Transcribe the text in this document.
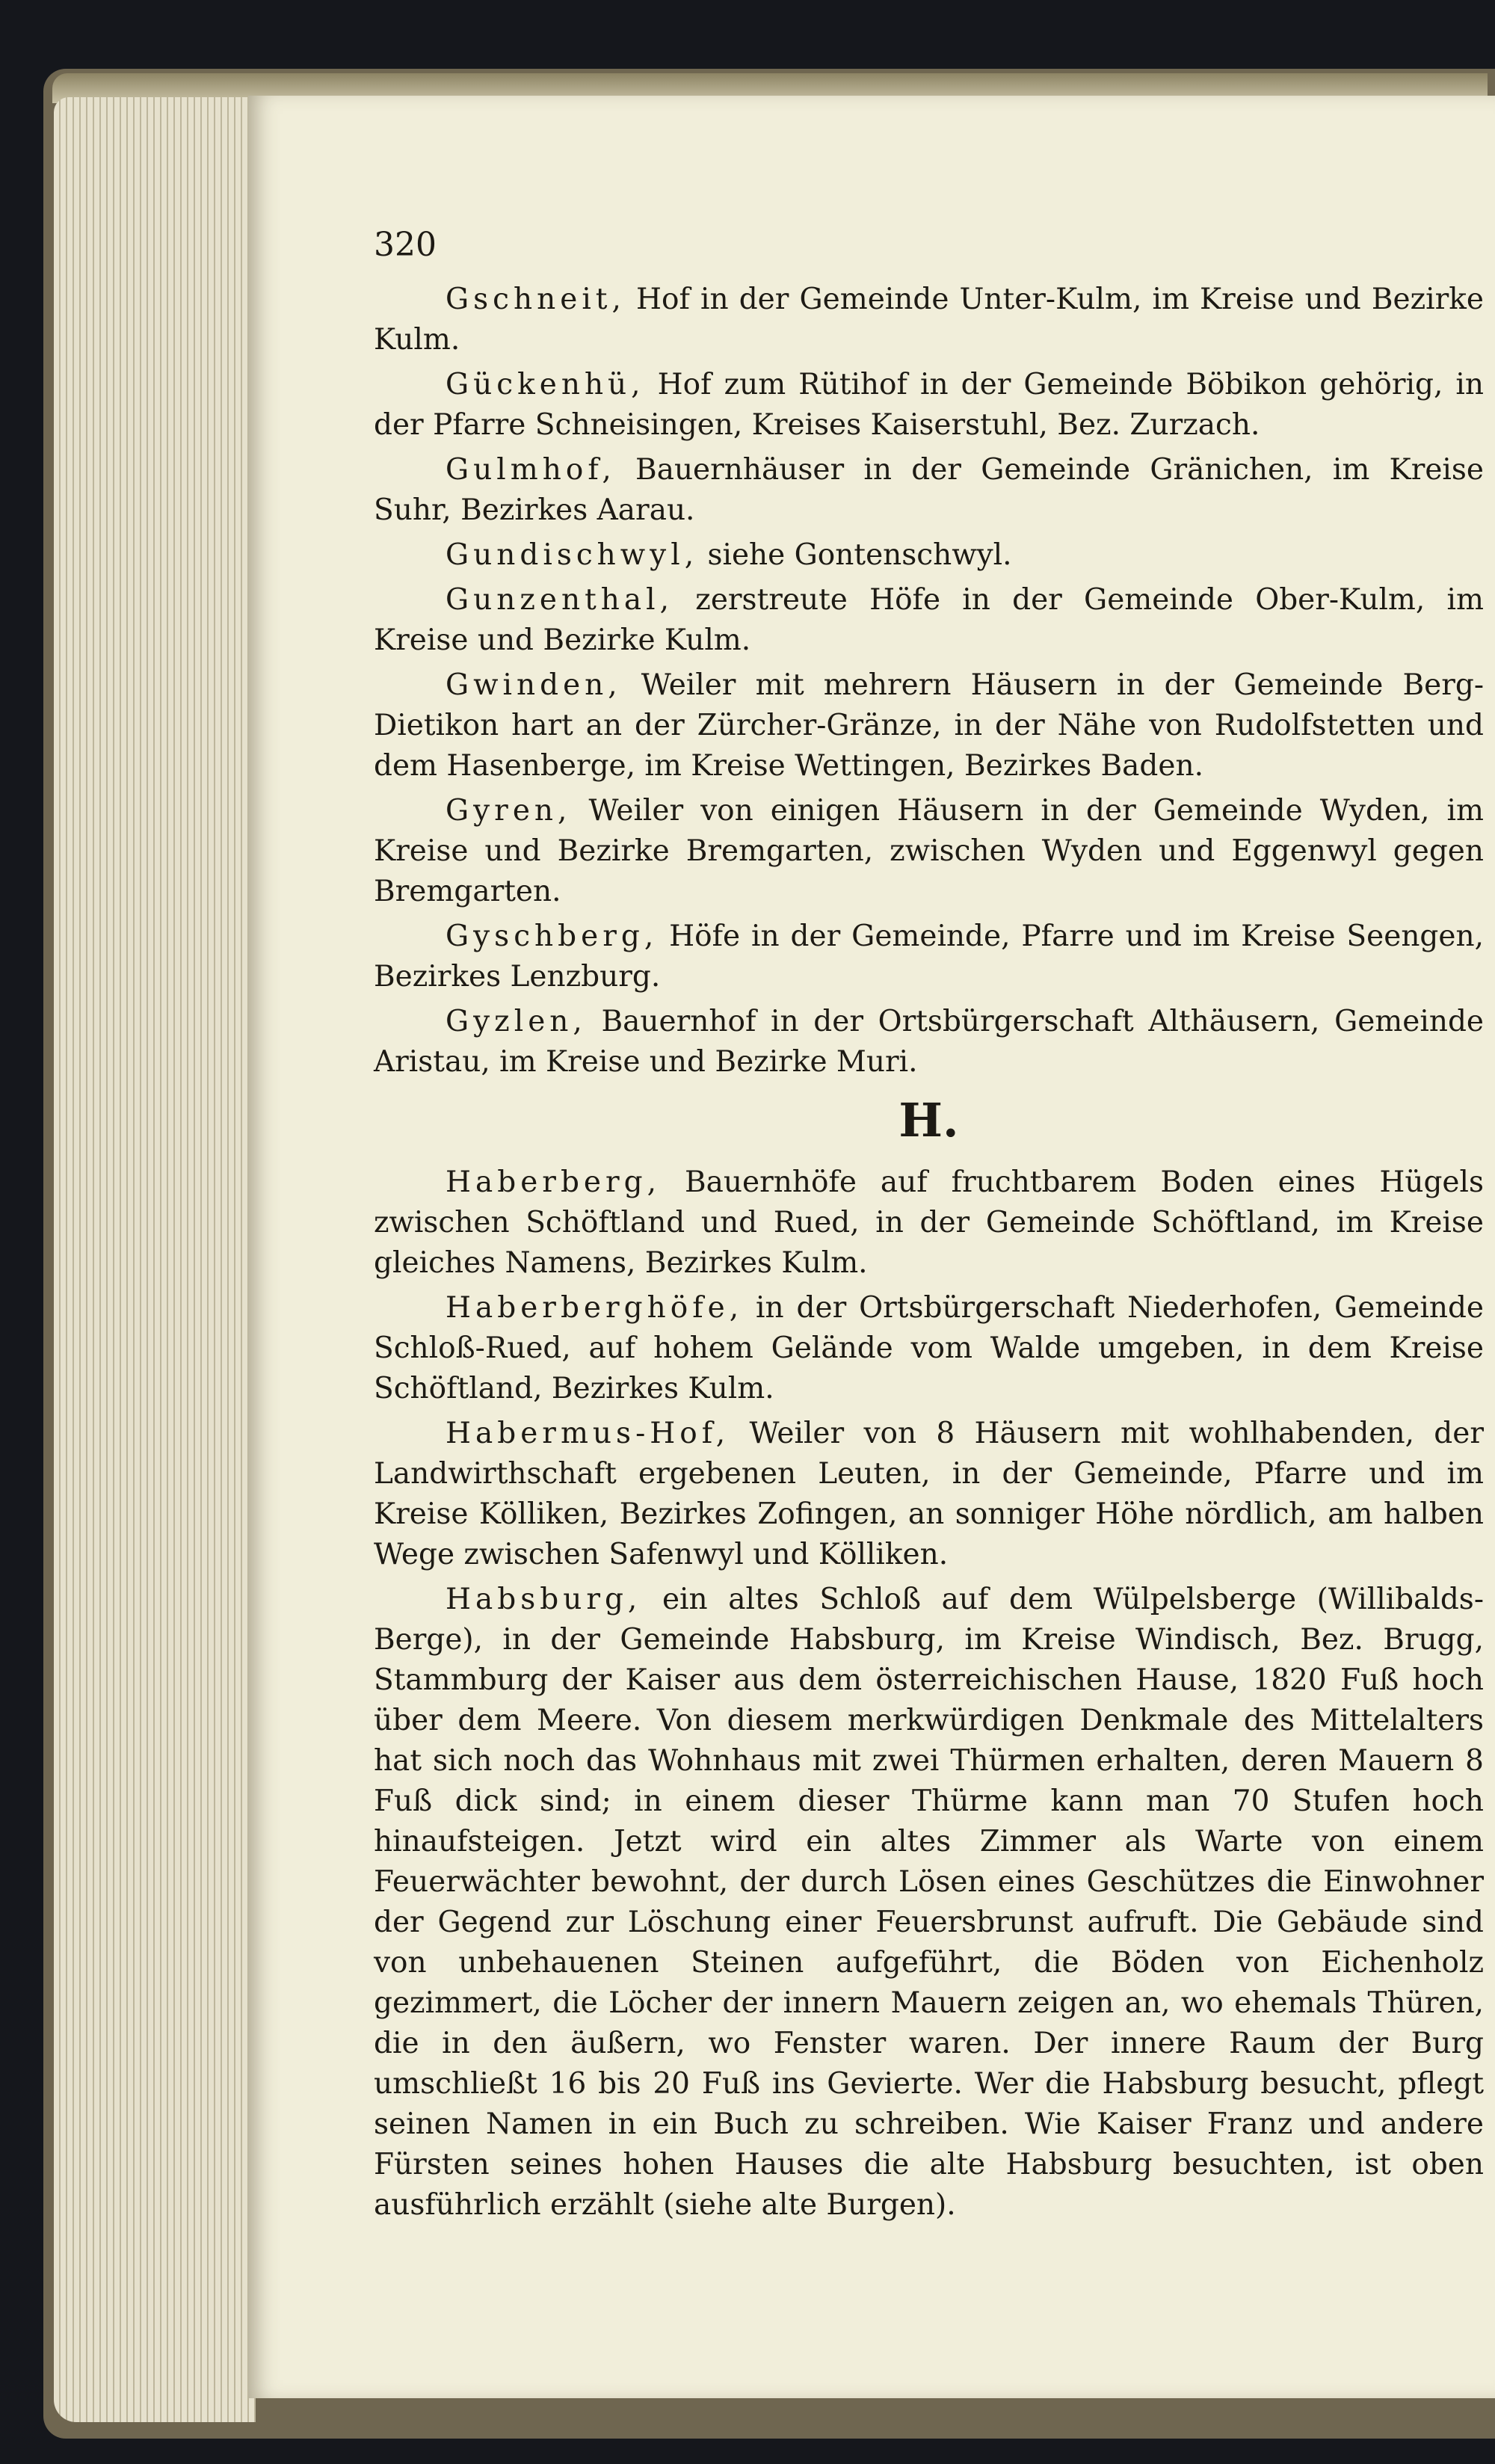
320

Gschneit, Hof in der Gemeinde Unter-Kulm, im Kreise und Bezirke Kulm.

Gückenhü, Hof zum Rütihof in der Gemeinde Böbikon gehörig, in der Pfarre Schneisingen, Kreises Kaiserstuhl, Bez. Zurzach.

Gulmhof, Bauernhäuser in der Gemeinde Gränichen, im Kreise Suhr, Bezirkes Aarau.

Gundischwyl, siehe Gontenschwyl.

Gunzenthal, zerstreute Höfe in der Gemeinde Ober-Kulm, im Kreise und Bezirke Kulm.

Gwinden, Weiler mit mehrern Häusern in der Gemeinde Berg-Dietikon hart an der Zürcher-Gränze, in der Nähe von Rudolfstetten und dem Hasenberge, im Kreise Wettingen, Bezirkes Baden.

Gyren, Weiler von einigen Häusern in der Gemeinde Wyden, im Kreise und Bezirke Bremgarten, zwischen Wyden und Eggenwyl gegen Bremgarten.

Gyschberg, Höfe in der Gemeinde, Pfarre und im Kreise Seengen, Bezirkes Lenzburg.

Gyzlen, Bauernhof in der Ortsbürgerschaft Althäusern, Gemeinde Aristau, im Kreise und Bezirke Muri.

H.

Haberberg, Bauernhöfe auf fruchtbarem Boden eines Hügels zwischen Schöftland und Rued, in der Gemeinde Schöftland, im Kreise gleiches Namens, Bezirkes Kulm.

Haberberghöfe, in der Ortsbürgerschaft Niederhofen, Gemeinde Schloß-Rued, auf hohem Gelände vom Walde umgeben, in dem Kreise Schöftland, Bezirkes Kulm.

Habermus-Hof, Weiler von 8 Häusern mit wohlhabenden, der Landwirthschaft ergebenen Leuten, in der Gemeinde, Pfarre und im Kreise Kölliken, Bezirkes Zofingen, an sonniger Höhe nördlich, am halben Wege zwischen Safenwyl und Kölliken.

Habsburg, ein altes Schloß auf dem Wülpelsberge (Willibalds-Berge), in der Gemeinde Habsburg, im Kreise Windisch, Bez. Brugg, Stammburg der Kaiser aus dem österreichischen Hause, 1820 Fuß hoch über dem Meere. Von diesem merkwürdigen Denkmale des Mittelalters hat sich noch das Wohnhaus mit zwei Thürmen erhalten, deren Mauern 8 Fuß dick sind; in einem dieser Thürme kann man 70 Stufen hoch hinaufsteigen. Jetzt wird ein altes Zimmer als Warte von einem Feuerwächter bewohnt, der durch Lösen eines Geschützes die Einwohner der Gegend zur Löschung einer Feuersbrunst aufruft. Die Gebäude sind von unbehauenen Steinen aufgeführt, die Böden von Eichenholz gezimmert, die Löcher der innern Mauern zeigen an, wo ehemals Thüren, die in den äußern, wo Fenster waren. Der innere Raum der Burg umschließt 16 bis 20 Fuß ins Gevierte. Wer die Habsburg besucht, pflegt seinen Namen in ein Buch zu schreiben. Wie Kaiser Franz und andere Fürsten seines hohen Hauses die alte Habsburg besuchten, ist oben ausführlich erzählt (siehe alte Burgen).
